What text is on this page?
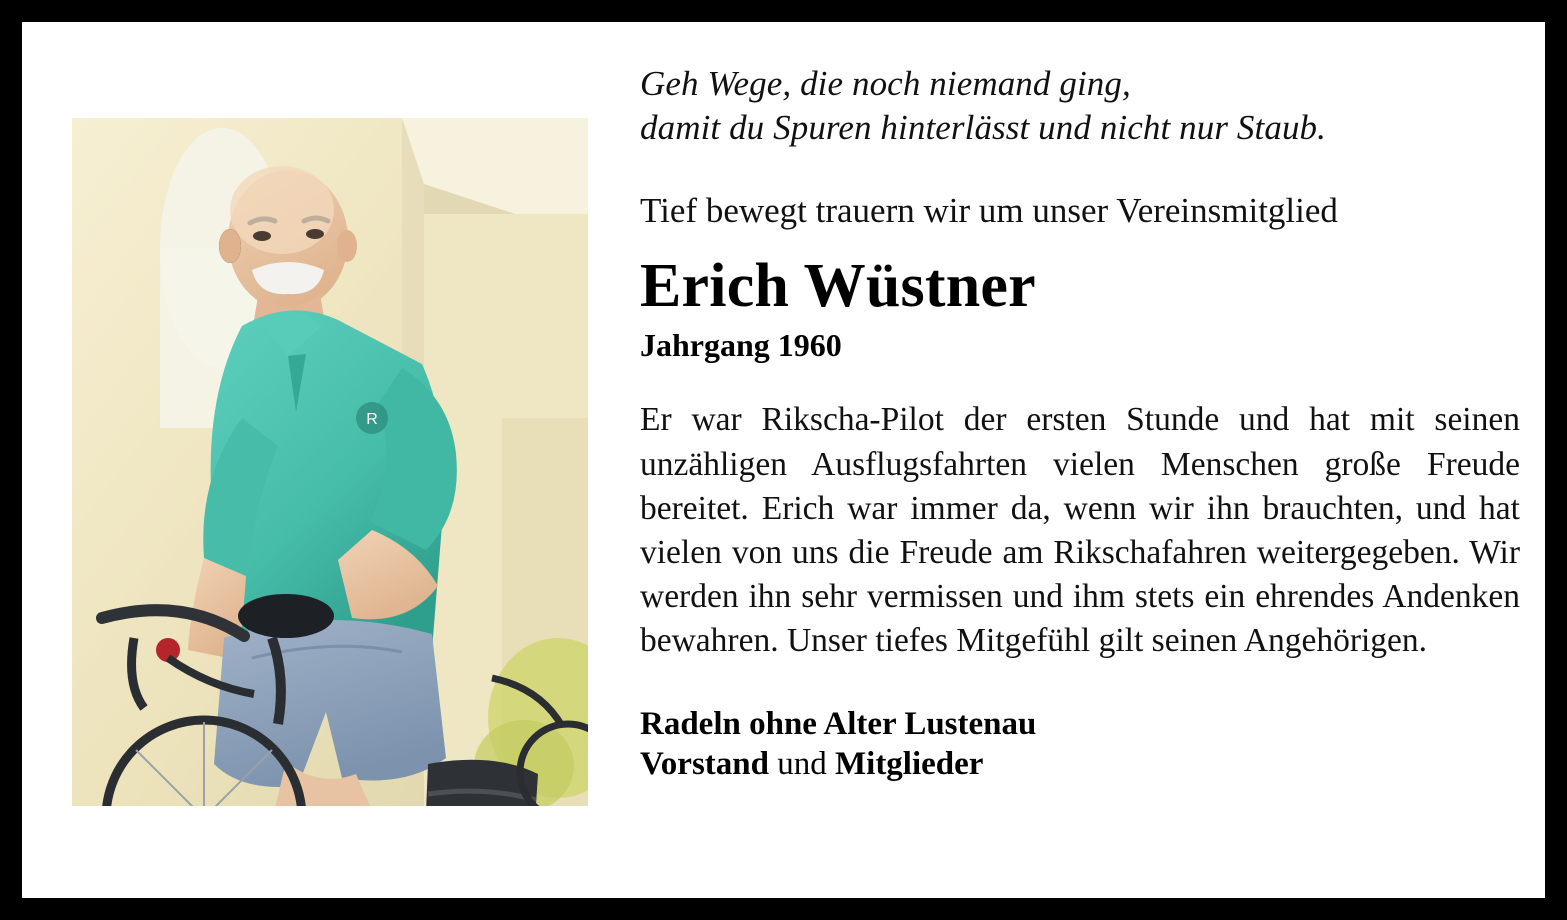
R

Geh Wege, die noch niemand ging,
damit du Spuren hinterlässt und nicht nur Staub.

Tief bewegt trauern wir um unser Vereinsmitglied

Erich Wüstner
Jahrgang 1960

Er war Rikscha-Pilot der ersten Stunde und hat mit seinen unzähligen Ausflugsfahrten vielen Menschen große Freude bereitet. Erich war immer da, wenn wir ihn brauchten, und hat vielen von uns die Freude am Rikschafahren weitergegeben. Wir werden ihn sehr vermissen und ihm stets ein ehrendes Andenken bewahren. Unser tiefes Mitgefühl gilt seinen Angehörigen.

Radeln ohne Alter Lustenau
Vorstand und Mitglieder
